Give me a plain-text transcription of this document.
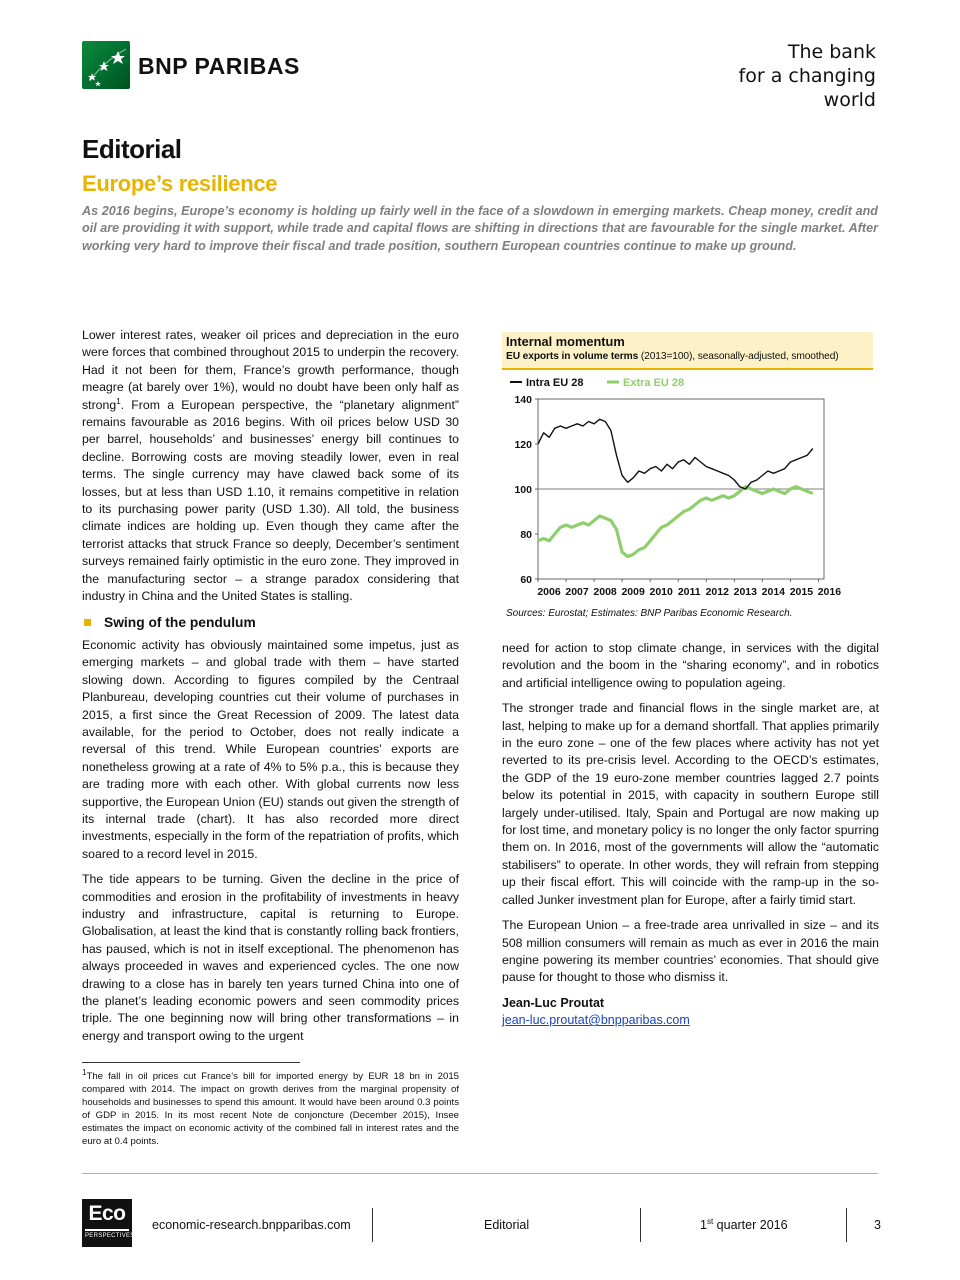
BNP PARIBAS
The bank
for a changing
world
Editorial
Europe’s resilience
As 2016 begins, Europe’s economy is holding up fairly well in the face of a slowdown in emerging markets. Cheap money, credit and oil are providing it with support, while trade and capital flows are shifting in directions that are favourable for the single market. After working very hard to improve their fiscal and trade position, southern European countries continue to make up ground.

Lower interest rates, weaker oil prices and depreciation in the euro were forces that combined throughout 2015 to underpin the recovery. Had it not been for them, France’s growth performance, though meagre (at barely over 1%), would no doubt have been only half as strong$^1$. From a European perspective, the “planetary alignment” remains favourable as 2016 begins. With oil prices below USD 30 per barrel, households’ and businesses’ energy bill continues to decline. Borrowing costs are moving steadily lower, even in real terms. The single currency may have clawed back some of its losses, but at less than USD 1.10, it remains competitive in relation to its purchasing power parity (USD 1.30). All told, the business climate indices are holding up. Even though they came after the terrorist attacks that struck France so deeply, December’s sentiment surveys remained fairly optimistic in the euro zone. They improved in the manufacturing sector – a strange paradox considering that industry in China and the United States is stalling.

Swing of the pendulum

Economic activity has obviously maintained some impetus, just as emerging markets – and global trade with them – have started slowing down. According to figures compiled by the Centraal Planbureau, developing countries cut their volume of purchases in 2015, a first since the Great Recession of 2009. The latest data available, for the period to October, does not really indicate a reversal of this trend. While European countries’ exports are nonetheless growing at a rate of 4% to 5% p.a., this is because they are trading more with each other. With global currents now less supportive, the European Union (EU) stands out given the strength of its internal trade (chart). It has also recorded more direct investments, especially in the form of the repatriation of profits, which soared to a record level in 2015.

The tide appears to be turning. Given the decline in the price of commodities and erosion in the profitability of investments in heavy industry and infrastructure, capital is returning to Europe. Globalisation, at least the kind that is constantly rolling back frontiers, has paused, which is not in itself exceptional. The phenomenon has always proceeded in waves and experienced cycles. The one now drawing to a close has in barely ten years turned China into one of the planet’s leading economic powers and seen commodity prices triple. The one beginning now will bring other transformations – in energy and transport owing to the urgent

$^1$The fall in oil prices cut France’s bill for imported energy by EUR 18 bn in 2015 compared with 2014. The impact on growth derives from the marginal propensity of households and businesses to spend this amount. It would have been around 0.3 points of GDP in 2015. In its most recent Note de conjoncture (December 2015), Insee estimates the impact on economic activity of the combined fall in interest rates and the euro at 0.4 points.
Internal momentum
EU exports in volume terms (2013=100), seasonally-adjusted, smoothed)
Intra EU 28	Extra EU 28
60
80
100
120
140
2006 2007 2008 2009 2010 2011 2012 2013 2014 2015 2016
Sources: Eurostat; Estimates: BNP Paribas Economic Research.

need for action to stop climate change, in services with the digital revolution and the boom in the “sharing economy”, and in robotics and artificial intelligence owing to population ageing.

The stronger trade and financial flows in the single market are, at last, helping to make up for a demand shortfall. That applies primarily in the euro zone – one of the few places where activity has not yet reverted to its pre-crisis level. According to the OECD’s estimates, the GDP of the 19 euro-zone member countries lagged 2.7 points below its potential in 2015, with capacity in southern Europe still largely under-utilised. Italy, Spain and Portugal are now making up for lost time, and monetary policy is no longer the only factor spurring them on. In 2016, most of the governments will allow the “automatic stabilisers” to operate. In other words, they will refrain from stepping up their fiscal effort. This will coincide with the ramp-up in the so-called Junker investment plan for Europe, after a fairly timid start.

The European Union – a free-trade area unrivalled in size – and its 508 million consumers will remain as much as ever in 2016 the main engine powering its member countries’ economies. That should give pause for thought to those who dismiss it.

Jean-Luc Proutat
jean-luc.proutat@bnpparibas.com
Eco
PERSPECTIVES
economic-research.bnpparibas.com	Editorial	1st quarter 2016	3
